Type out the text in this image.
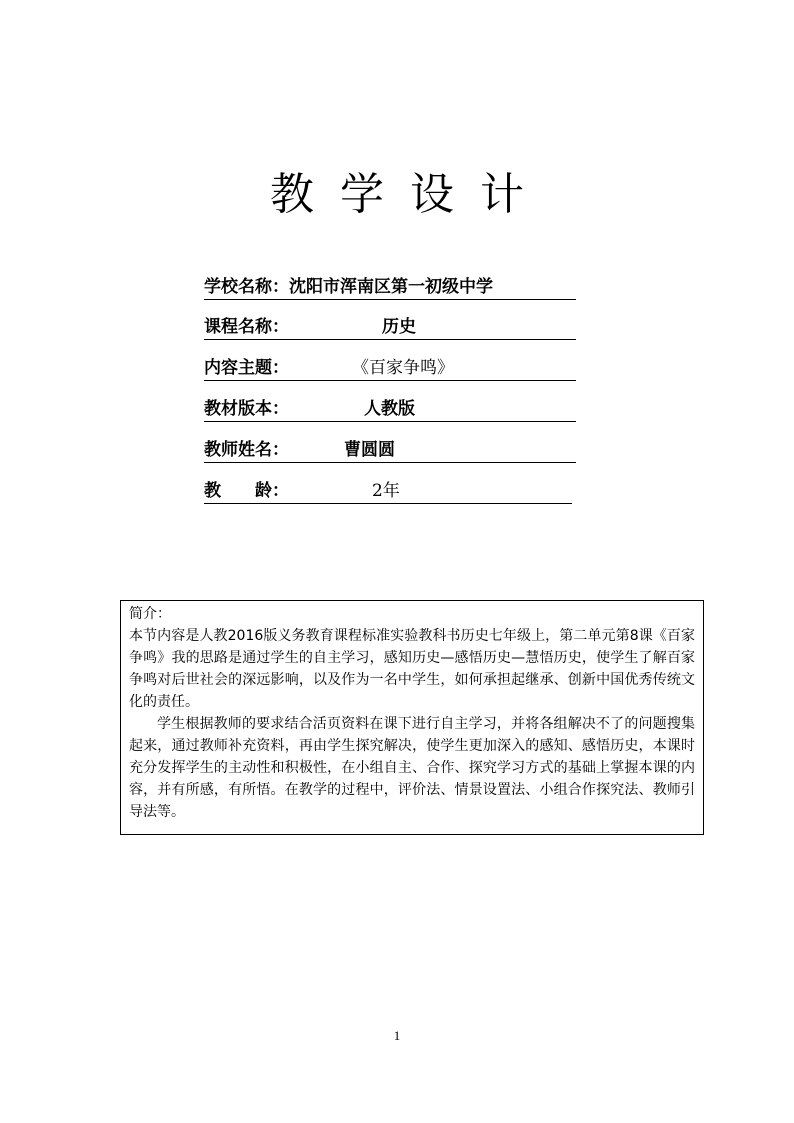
教学设计
学校名称：沈阳市浑南区第一初级中学
课程名称：	历史
内容主题：	《百家争鸣》
教材版本：	人教版
教师姓名：	曹圆圆
教　　龄：	2年

简介：

本节内容是人教2016版义务教育课程标准实验教科书历史七年级上，第二单元第8课《百家争鸣》我的思路是通过学生的自主学习，感知历史—感悟历史—慧悟历史，使学生了解百家争鸣对后世社会的深远影响，以及作为一名中学生，如何承担起继承、创新中国优秀传统文化的责任。

学生根据教师的要求结合活页资料在课下进行自主学习，并将各组解决不了的问题搜集起来，通过教师补充资料，再由学生探究解决，使学生更加深入的感知、感悟历史，本课时充分发挥学生的主动性和积极性，在小组自主、合作、探究学习方式的基础上掌握本课的内容，并有所感，有所悟。在教学的过程中，评价法、情景设置法、小组合作探究法、教师引导法等。

1
